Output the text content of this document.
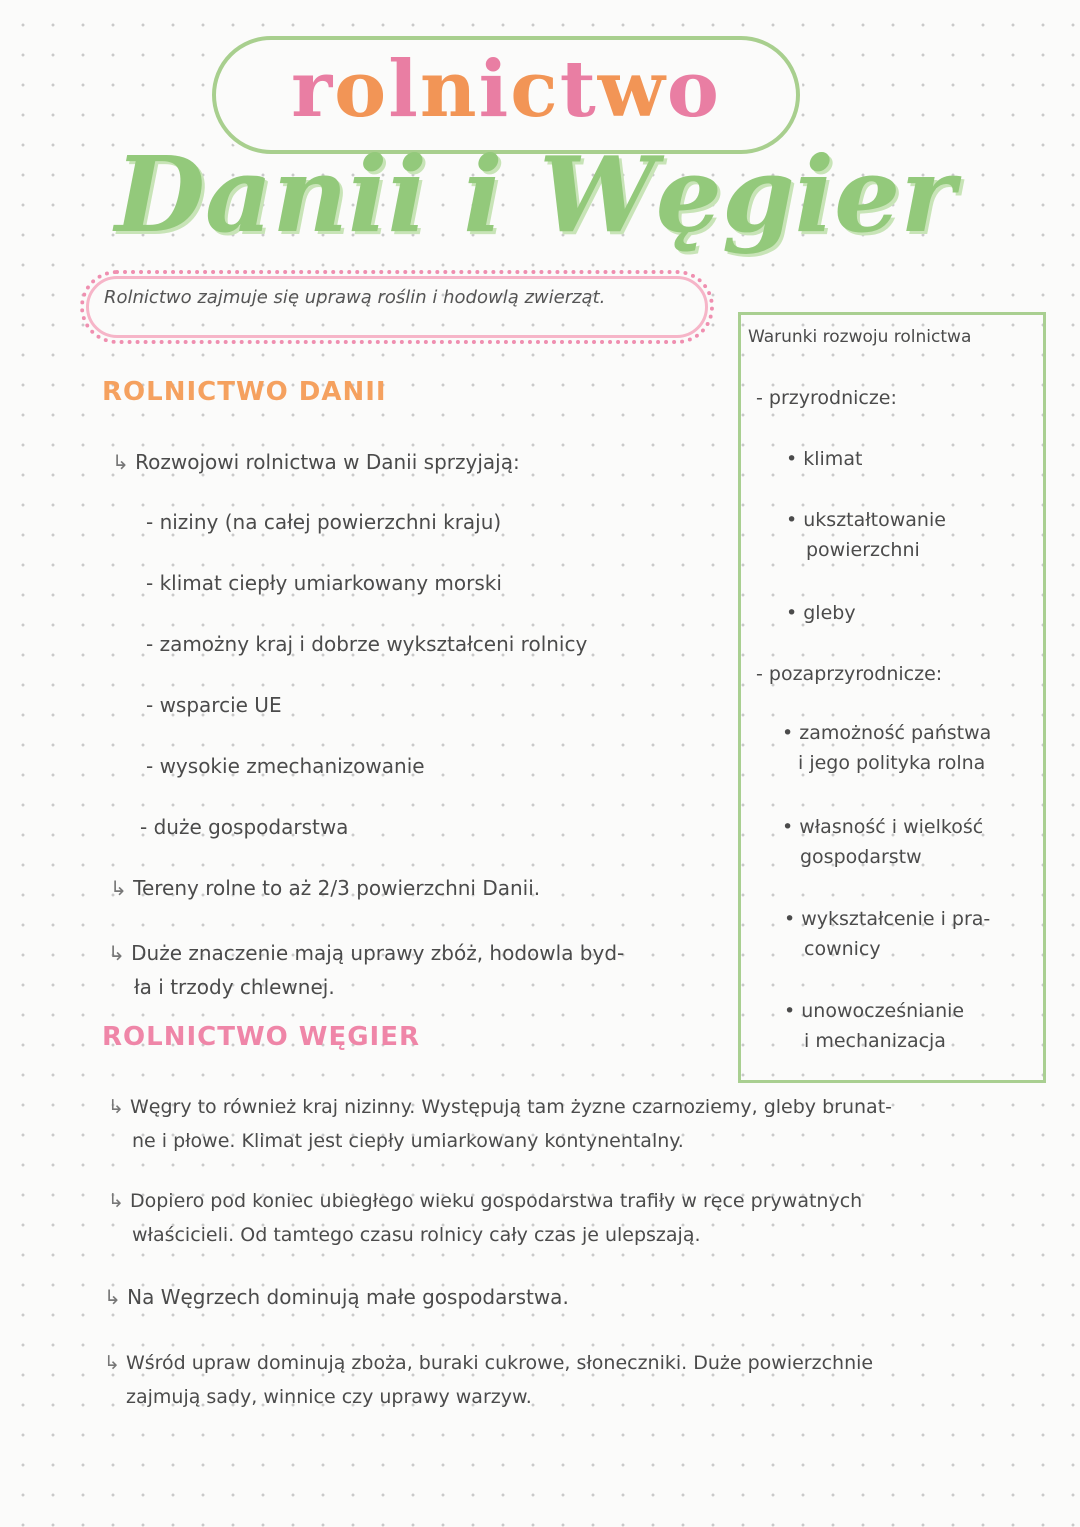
rolnictwo
Danii i Węgier
Rolnictwo zajmuje się uprawą roślin i hodowlą zwierząt.
ROLNICTWO DANII
↳ Rozwojowi rolnictwa w Danii sprzyjają:
- niziny (na całej powierzchni kraju)
- klimat ciepły umiarkowany morski
- zamożny kraj i dobrze wykształceni rolnicy
- wsparcie UE
- wysokie zmechanizowanie
- duże gospodarstwa
↳ Tereny rolne to aż 2/3 powierzchni Danii.
↳ Duże znaczenie mają uprawy zbóż, hodowla byd-
ła i trzody chlewnej.
ROLNICTWO WĘGIER
↳ Węgry to również kraj nizinny. Występują tam żyzne czarnoziemy, gleby brunat-
ne i płowe. Klimat jest ciepły umiarkowany kontynentalny.
↳ Dopiero pod koniec ubiegłego wieku gospodarstwa trafiły w ręce prywatnych
właścicieli. Od tamtego czasu rolnicy cały czas je ulepszają.
↳ Na Węgrzech dominują małe gospodarstwa.
↳ Wśród upraw dominują zboża, buraki cukrowe, słoneczniki. Duże powierzchnie
zajmują sady, winnice czy uprawy warzyw.
Warunki rozwoju rolnictwa
- przyrodnicze:
• klimat
• ukształtowanie
powierzchni
• gleby
- pozaprzyrodnicze:
• zamożność państwa
i jego polityka rolna
• własność i wielkość
gospodarstw
• wykształcenie i pra-
cownicy
• unowocześnianie
i mechanizacja
